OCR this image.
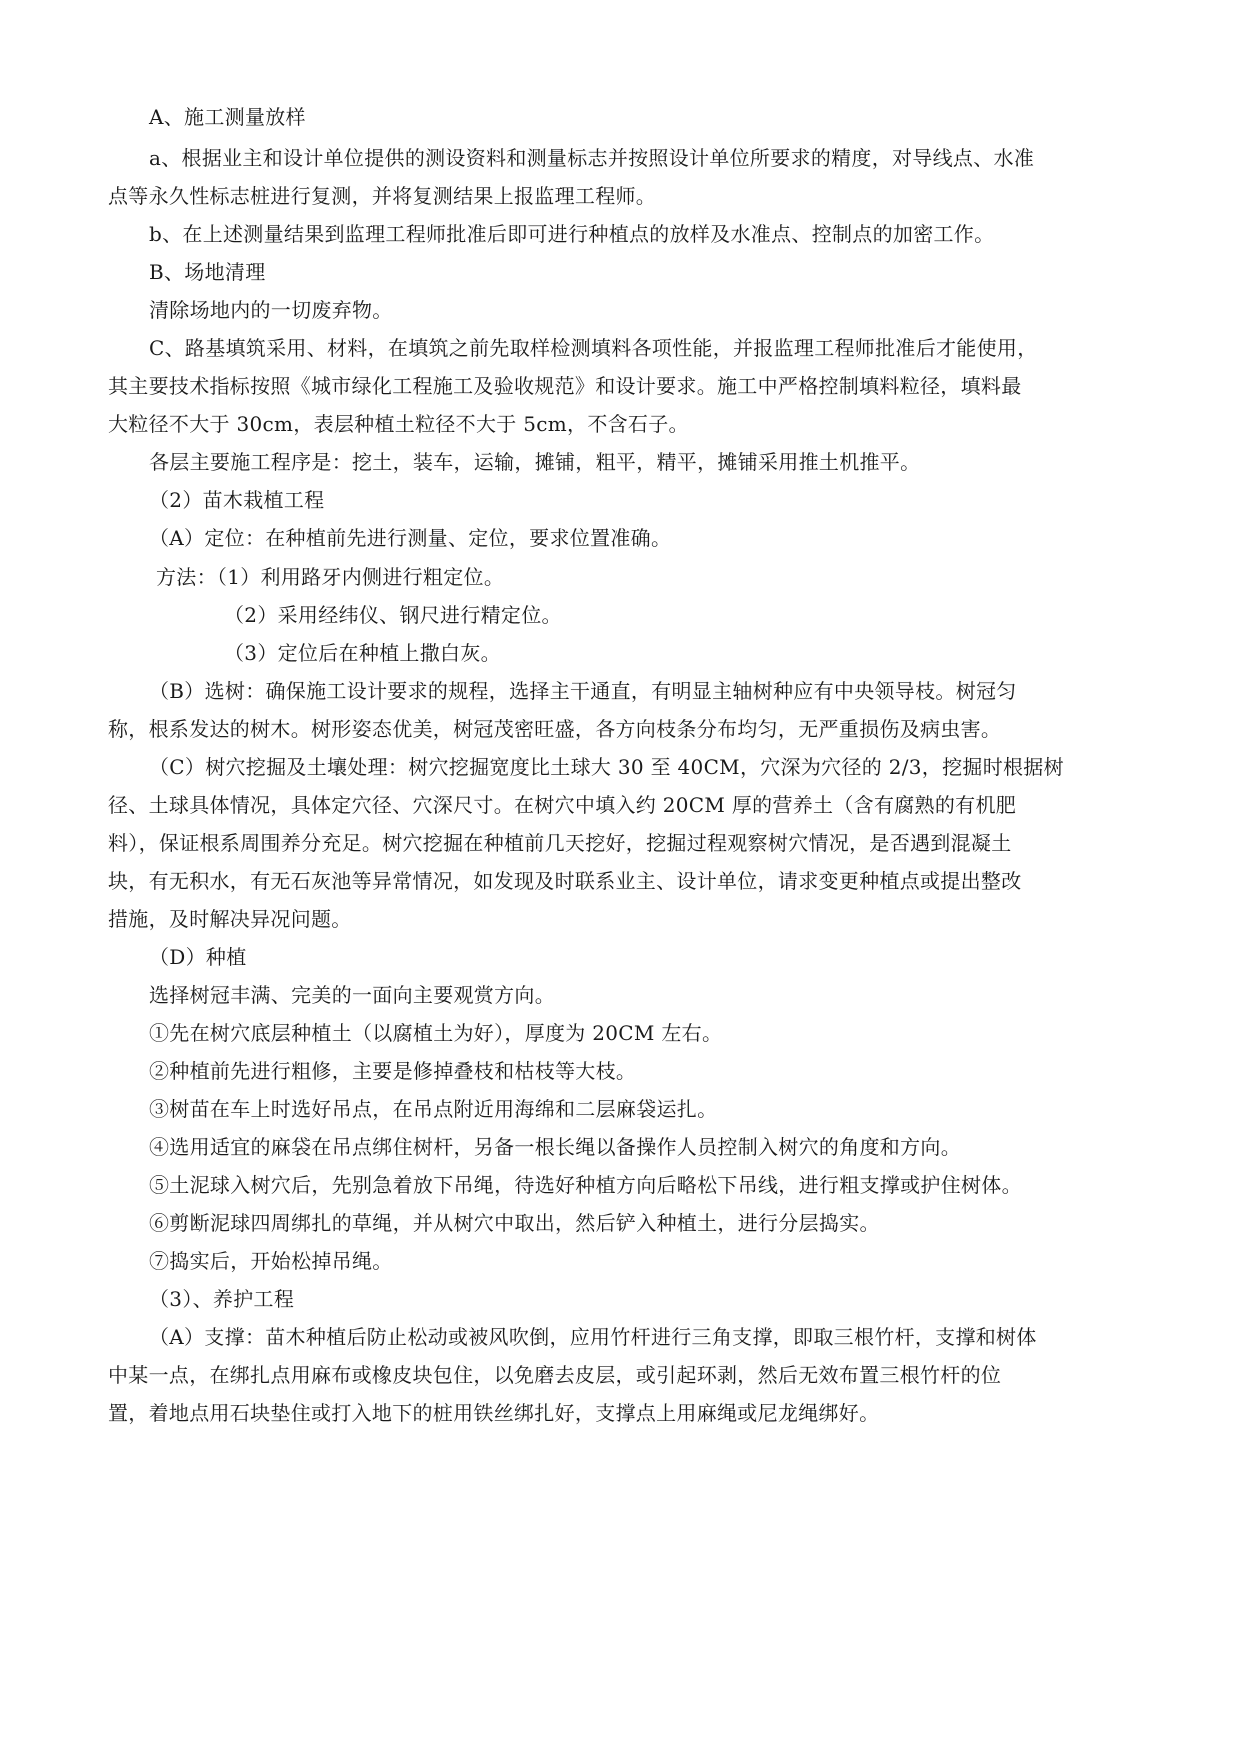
A、施工测量放样
a、根据业主和设计单位提供的测设资料和测量标志并按照设计单位所要求的精度，对导线点、水准
点等永久性标志桩进行复测，并将复测结果上报监理工程师。
b、在上述测量结果到监理工程师批准后即可进行种植点的放样及水准点、控制点的加密工作。
B、场地清理
清除场地内的一切废弃物。
C、路基填筑采用、材料，在填筑之前先取样检测填料各项性能，并报监理工程师批准后才能使用，
其主要技术指标按照《城市绿化工程施工及验收规范》和设计要求。施工中严格控制填料粒径，填料最
大粒径不大于 30cm，表层种植土粒径不大于 5cm，不含石子。
各层主要施工程序是：挖土，装车，运输，摊铺，粗平，精平，摊铺采用推土机推平。
（2）苗木栽植工程
（A）定位：在种植前先进行测量、定位，要求位置准确。
方法：（1）利用路牙内侧进行粗定位。
（2）采用经纬仪、钢尺进行精定位。
（3）定位后在种植上撒白灰。
（B）选树：确保施工设计要求的规程，选择主干通直，有明显主轴树种应有中央领导枝。树冠匀
称，根系发达的树木。树形姿态优美，树冠茂密旺盛，各方向枝条分布均匀，无严重损伤及病虫害。
（C）树穴挖掘及土壤处理：树穴挖掘宽度比土球大 30 至 40CM，穴深为穴径的 2/3，挖掘时根据树
径、土球具体情况，具体定穴径、穴深尺寸。在树穴中填入约 20CM 厚的营养土（含有腐熟的有机肥
料），保证根系周围养分充足。树穴挖掘在种植前几天挖好，挖掘过程观察树穴情况，是否遇到混凝土
块，有无积水，有无石灰池等异常情况，如发现及时联系业主、设计单位，请求变更种植点或提出整改
措施，及时解决异况问题。
（D）种植
选择树冠丰满、完美的一面向主要观赏方向。
①先在树穴底层种植土（以腐植土为好），厚度为 20CM 左右。
②种植前先进行粗修，主要是修掉叠枝和枯枝等大枝。
③树苗在车上时选好吊点，在吊点附近用海绵和二层麻袋运扎。
④选用适宜的麻袋在吊点绑住树杆，另备一根长绳以备操作人员控制入树穴的角度和方向。
⑤土泥球入树穴后，先别急着放下吊绳，待选好种植方向后略松下吊线，进行粗支撑或护住树体。
⑥剪断泥球四周绑扎的草绳，并从树穴中取出，然后铲入种植土，进行分层捣实。
⑦捣实后，开始松掉吊绳。
（3）、养护工程
（A）支撑：苗木种植后防止松动或被风吹倒，应用竹杆进行三角支撑，即取三根竹杆，支撑和树体
中某一点，在绑扎点用麻布或橡皮块包住，以免磨去皮层，或引起环剥，然后无效布置三根竹杆的位
置，着地点用石块垫住或打入地下的桩用铁丝绑扎好，支撑点上用麻绳或尼龙绳绑好。
